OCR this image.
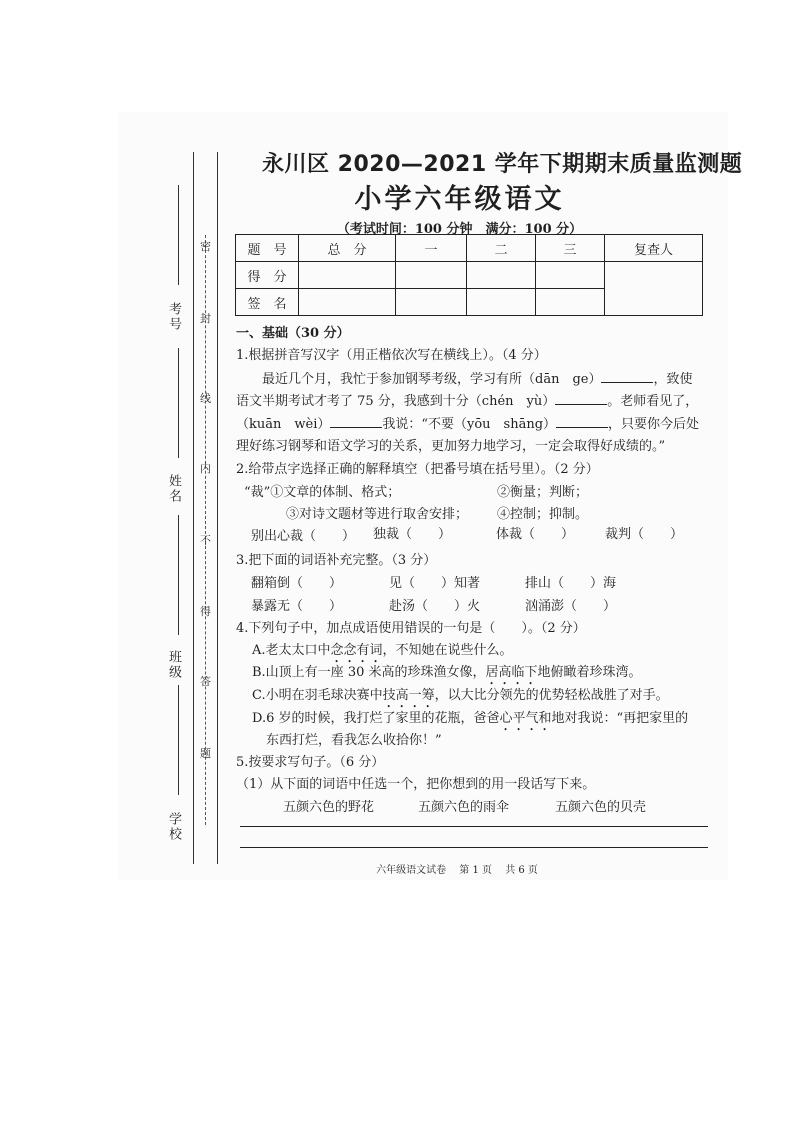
密
封
线
内
不
得
答
题
考号
姓名
班级
学校
永川区 2020—2021 学年下期期末质量监测题
小学六年级语文
（考试时间：100 分钟　满分：100 分）
题　号	总　分	一	二	三	复查人
得　分					
签　名					
一、基础（30 分）
1.根据拼音写汉字（用正楷依次写在横线上）。（4 分）
最近几个月，我忙于参加钢琴考级，学习有所（dān　ge）	，致使
语文半期考试才考了 75 分，我感到十分（chén　yù）	。老师看见了，
（kuān　wèi）	我说：“不要（yōu　shāng）	，只要你今后处
理好练习钢琴和语文学习的关系，更加努力地学习，一定会取得好成绩的。”
2.给带点字选择正确的解释填空（把番号填在括号里）。（2 分）
“裁”①文章的体制、格式；	②衡量；判断；
③对诗文题材等进行取舍安排； ④控制；抑制。
别出心裁（　　） 独裁（　　）	体裁（　　） 裁判（　　）
3.把下面的词语补充完整。（3 分）
翻箱倒（　　）	见（　　）知著	排山（　　）海
暴露无（　　）	赴汤（　　）火	汹涌澎（　　）
4.下列句子中，加点成语使用错误的一句是（　　）。（2 分）
A.老太太口中念念有词，不知她在说些什么。
B.山顶上有一座 30 米高的珍珠渔女像，居高临下地俯瞰着珍珠湾。
C.小明在羽毛球决赛中技高一筹，以大比分领先的优势轻松战胜了对手。
D.6 岁的时候，我打烂了家里的花瓶，爸爸心平气和地对我说：“再把家里的
东西打烂，看我怎么收拾你！”
5.按要求写句子。（6 分）
（1）从下面的词语中任选一个，把你想到的用一段话写下来。
五颜六色的野花	五颜六色的雨伞	五颜六色的贝壳
六年级语文试卷 第 1 页 共 6 页
